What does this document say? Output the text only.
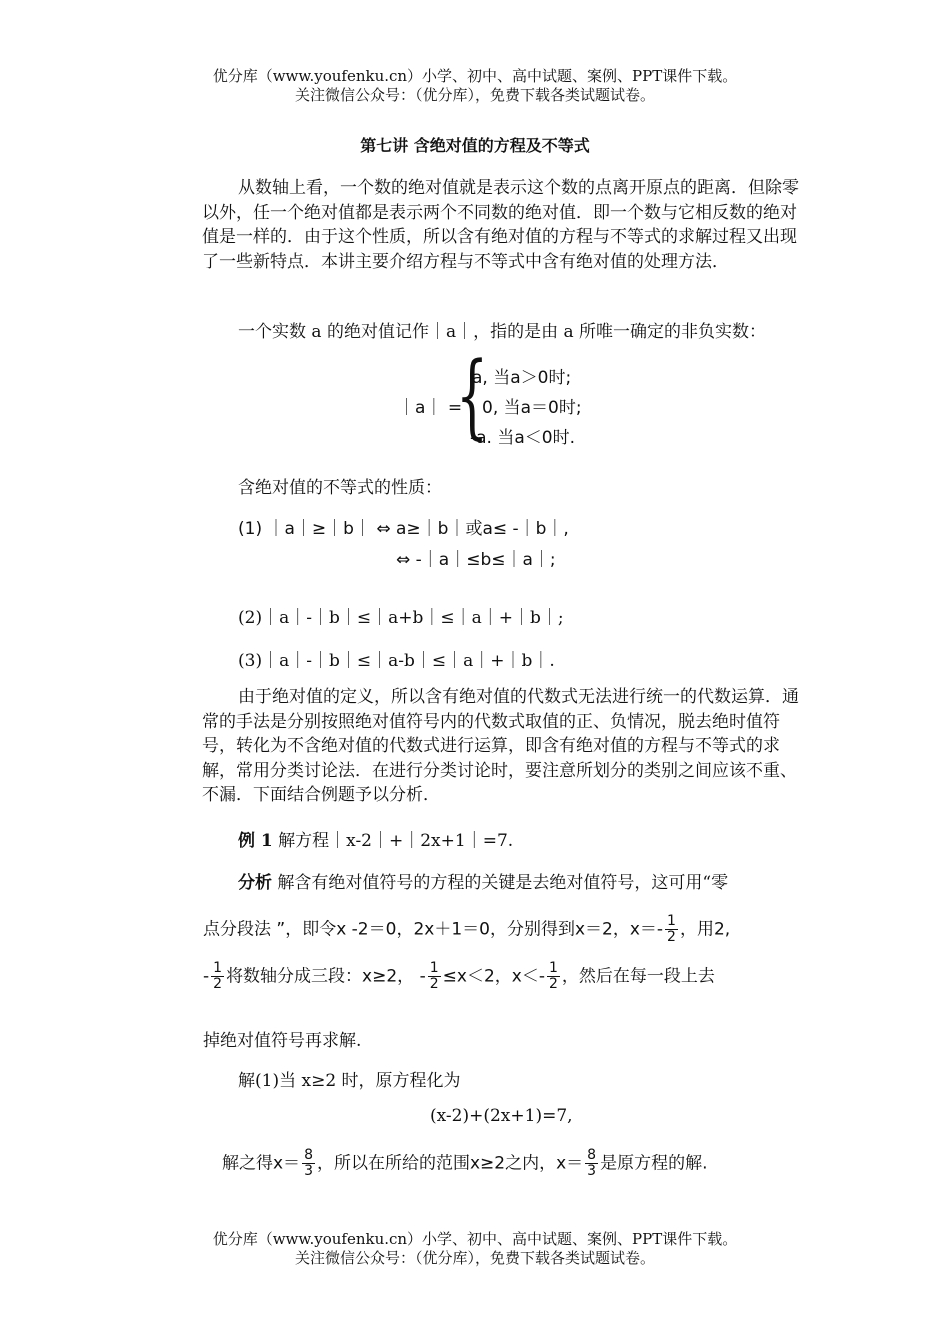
优分库（www.youfenku.cn）小学、初中、高中试题、案例、PPT课件下载。
关注微信公众号：（优分库），免费下载各类试题试卷。
第七讲 含绝对值的方程及不等式
从数轴上看，一个数的绝对值就是表示这个数的点离开原点的距离．但除零以外，任一个绝对值都是表示两个不同数的绝对值．即一个数与它相反数的绝对值是一样的．由于这个性质，所以含有绝对值的方程与不等式的求解过程又出现了一些新特点．本讲主要介绍方程与不等式中含有绝对值的处理方法．
一个实数 a 的绝对值记作｜a｜，指的是由 a 所唯一确定的非负实数：
｜a｜ =
{
a, 当a＞0时;
0, 当a＝0时;
-a. 当a＜0时.
含绝对值的不等式的性质：
(1) ｜a｜≥｜b｜ ⇔ a≥｜b｜或a≤ -｜b｜,
⇔ -｜a｜≤b≤｜a｜;
(2)｜a｜-｜b｜≤｜a+b｜≤｜a｜+｜b｜;
(3)｜a｜-｜b｜≤｜a-b｜≤｜a｜+｜b｜.
由于绝对值的定义，所以含有绝对值的代数式无法进行统一的代数运算．通常的手法是分别按照绝对值符号内的代数式取值的正、负情况，脱去绝时值符号，转化为不含绝对值的代数式进行运算，即含有绝对值的方程与不等式的求解，常用分类讨论法．在进行分类讨论时，要注意所划分的类别之间应该不重、不漏．下面结合例题予以分析．
例 1 解方程｜x-2｜+｜2x+1｜=7.
分析 解含有绝对值符号的方程的关键是去绝对值符号，这可用“零
点分段法 ”，即令x -2＝0，2x＋1＝0，分别得到x＝2，$x=- \frac{1}{2}$ ，用2,
- $\frac{1}{2}$ 将数轴分成三段：x≥2， - $\frac{1}{2} \le x<2$，$x<- \frac{1}{2}$ ，然后在每一段上去
掉绝对值符号再求解.
解(1)当 x≥2 时，原方程化为
(x-2)+(2x+1)=7,
解之得$x= \frac{8}{3}$ ，所以在所给的范围x≥2之内，$x= \frac{8}{3}$ 是原方程的解.
优分库（www.youfenku.cn）小学、初中、高中试题、案例、PPT课件下载。
关注微信公众号：（优分库），免费下载各类试题试卷。
